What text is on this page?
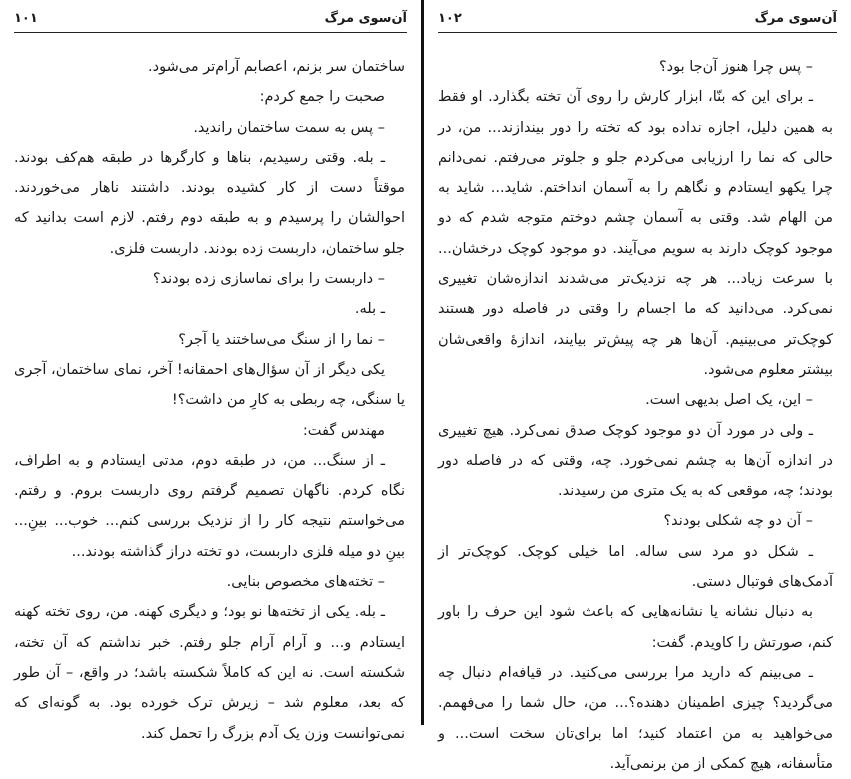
۱۰۱	آن‌سوی مرگ

ساختمان سر بزنم، اعصابم آرام‌تر می‌شود.

صحبت را جمع کردم:

– پس به سمت ساختمان راندید.

ـ بله. وقتی رسیدیم، بناها و کارگرها در طبقه هم‌کف بودند. موقتاً دست از کار کشیده بودند. داشتند ناهار می‌خوردند. احوالشان را پرسیدم و به طبقه دوم رفتم. لازم است بدانید که جلو ساختمان، داربست زده بودند. داربست فلزی.

– داربست را برای نماسازی زده بودند؟

ـ بله.

– نما را از سنگ می‌ساختند یا آجر؟

یکی دیگر از آن سؤال‌های احمقانه! آخر، نمای ساختمان، آجری یا سنگی، چه ربطی به کارِ من داشت؟!

مهندس گفت:

ـ از سنگ... من، در طبقه دوم، مدتی ایستادم و به اطراف، نگاه کردم. ناگهان تصمیم گرفتم روی داربست بروم. و رفتم. می‌خواستم نتیجه کار را از نزدیک بررسی کنم... خوب... بینِ... بینِ دو میله فلزی داربست، دو تخته دراز گذاشته بودند...

– تخته‌های مخصوص بنایی.

ـ بله. یکی از تخته‌ها نو بود؛ و دیگری کهنه. من، روی تخته کهنه ایستادم و... و آرام آرام جلو رفتم. خبر نداشتم که آن تخته، شکسته است. نه این که کاملاً شکسته باشد؛ در واقع، – آن طور که بعد، معلوم شد – زیرش ترک خورده بود. به گونه‌ای که نمی‌توانست وزن یک آدم بزرگ را تحمل کند.

۱۰۲	آن‌سوی مرگ

– پس چرا هنوز آن‌جا بود؟

ـ برای این که بنّا، ابزار کارش را روی آن تخته بگذارد. او فقط به همین دلیل، اجازه نداده بود که تخته را دور بیندازند... من، در حالی که نما را ارزیابی می‌کردم جلو و جلوتر می‌رفتم. نمی‌دانم چرا یکهو ایستادم و نگاهم را به آسمان انداختم. شاید... شاید به من الهام شد. وقتی به آسمان چشم دوختم متوجه شدم که دو موجود کوچک دارند به سویم می‌آیند. دو موجود کوچک درخشان... با سرعت زیاد... هر چه نزدیک‌تر می‌شدند اندازه‌شان تغییری نمی‌کرد. می‌دانید که ما اجسام را وقتی در فاصله دور هستند کوچک‌تر می‌بینیم. آن‌ها هر چه پیش‌تر بیایند، اندازهٔ واقعی‌شان بیشتر معلوم می‌شود.

– این، یک اصل بدیهی است.

ـ ولی در مورد آن دو موجود کوچک صدق نمی‌کرد. هیچ تغییری در اندازه آن‌ها به چشم نمی‌خورد. چه، وقتی که در فاصله دور بودند؛ چه، موقعی که به یک متری من رسیدند.

– آن دو چه شکلی بودند؟

ـ شکل دو مرد سی ساله. اما خیلی کوچک. کوچک‌تر از آدمک‌های فوتبال دستی.

به دنبال نشانه یا نشانه‌هایی که باعث شود این حرف را باور کنم، صورتش را کاویدم. گفت:

ـ می‌بینم که دارید مرا بررسی می‌کنید. در قیافه‌ام دنبال چه می‌گردید؟ چیزی اطمینان دهنده؟... من، حال شما را می‌فهمم. می‌خواهید به من اعتماد کنید؛ اما برای‌تان سخت است... و متأسفانه، هیچ کمکی از من برنمی‌آید.
